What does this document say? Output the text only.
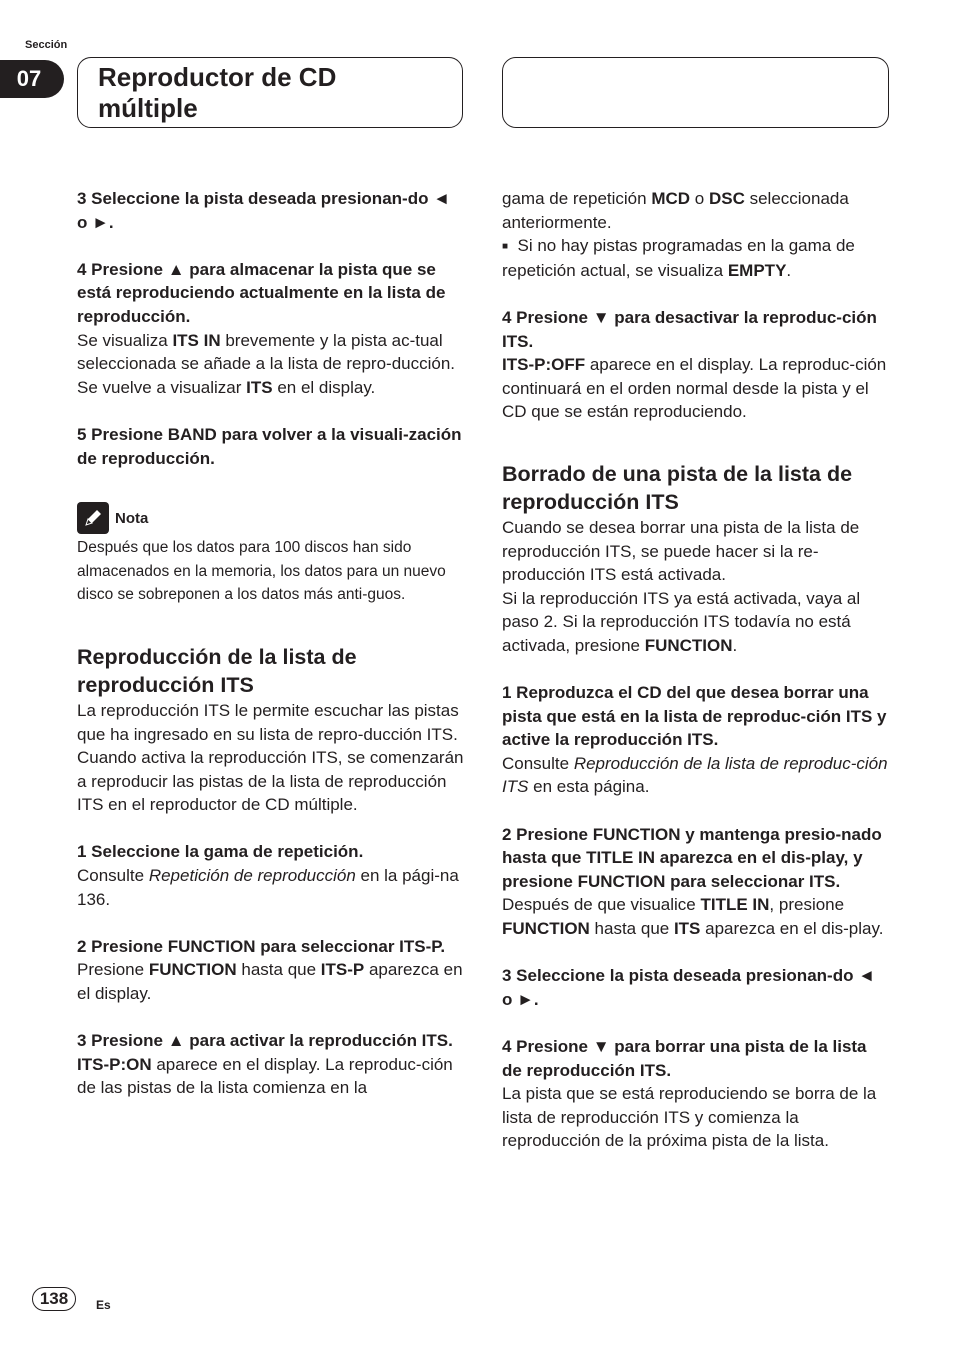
Sección
07	Reproductor de CD múltiple

3 Seleccione la pista deseada presionan-do ◄ o ►.

4 Presione ▲ para almacenar la pista que se está reproduciendo actualmente en la lista de reproducción.

Se visualiza ITS IN brevemente y la pista ac-tual seleccionada se añade a la lista de repro-ducción. Se vuelve a visualizar ITS en el display.

5 Presione BAND para volver a la visuali-zación de reproducción.

Nota

Después que los datos para 100 discos han sido almacenados en la memoria, los datos para un nuevo disco se sobreponen a los datos más anti-guos.

Reproducción de la lista de reproducción ITS

La reproducción ITS le permite escuchar las pistas que ha ingresado en su lista de repro-ducción ITS. Cuando activa la reproducción ITS, se comenzarán a reproducir las pistas de la lista de reproducción ITS en el reproductor de CD múltiple.

1 Seleccione la gama de repetición.

Consulte Repetición de reproducción en la pági-na 136.

2 Presione FUNCTION para seleccionar ITS-P.

Presione FUNCTION hasta que ITS-P aparezca en el display.

3 Presione ▲ para activar la reproducción ITS.

ITS-P:ON aparece en el display. La reproduc-ción de las pistas de la lista comienza en la

gama de repetición MCD o DSC seleccionada anteriormente.

■ Si no hay pistas programadas en la gama de repetición actual, se visualiza EMPTY.

4 Presione ▼ para desactivar la reproduc-ción ITS.

ITS-P:OFF aparece en el display. La reproduc-ción continuará en el orden normal desde la pista y el CD que se están reproduciendo.

Borrado de una pista de la lista de reproducción ITS

Cuando se desea borrar una pista de la lista de reproducción ITS, se puede hacer si la re-producción ITS está activada.

Si la reproducción ITS ya está activada, vaya al paso 2. Si la reproducción ITS todavía no está activada, presione FUNCTION.

1 Reproduzca el CD del que desea borrar una pista que está en la lista de reproduc-ción ITS y active la reproducción ITS.

Consulte Reproducción de la lista de reproduc-ción ITS en esta página.

2 Presione FUNCTION y mantenga presio-nado hasta que TITLE IN aparezca en el dis-play, y presione FUNCTION para seleccionar ITS.

Después de que visualice TITLE IN, presione FUNCTION hasta que ITS aparezca en el dis-play.

3 Seleccione la pista deseada presionan-do ◄ o ►.

4 Presione ▼ para borrar una pista de la lista de reproducción ITS.

La pista que se está reproduciendo se borra de la lista de reproducción ITS y comienza la reproducción de la próxima pista de la lista.

138	Es
